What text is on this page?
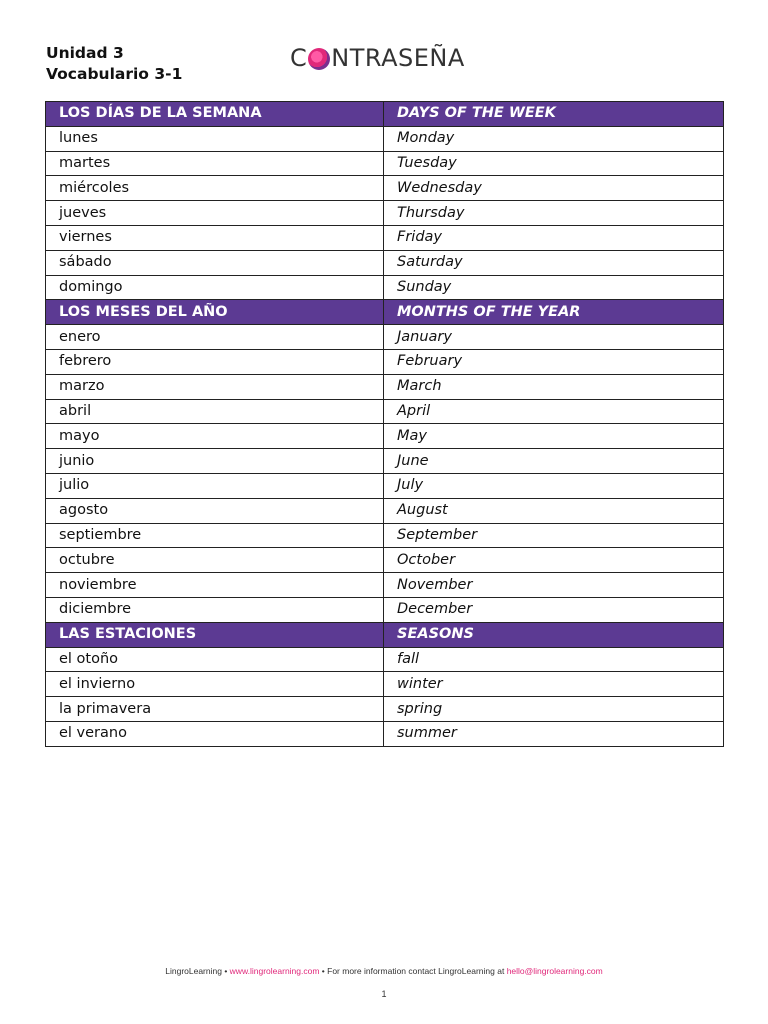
Unidad 3
Vocabulario 3-1
C NTRASEÑA
LOS DÍAS DE LA SEMANA	DAYS OF THE WEEK
lunes	Monday
martes	Tuesday
miércoles	Wednesday
jueves	Thursday
viernes	Friday
sábado	Saturday
domingo	Sunday
LOS MESES DEL AÑO	MONTHS OF THE YEAR
enero	January
febrero	February
marzo	March
abril	April
mayo	May
junio	June
julio	July
agosto	August
septiembre	September
octubre	October
noviembre	November
diciembre	December
LAS ESTACIONES	SEASONS
el otoño	fall
el invierno	winter
la primavera	spring
el verano	summer
LingroLearning • www.lingrolearning.com • For more information contact LingroLearning at hello@lingrolearning.com
1
